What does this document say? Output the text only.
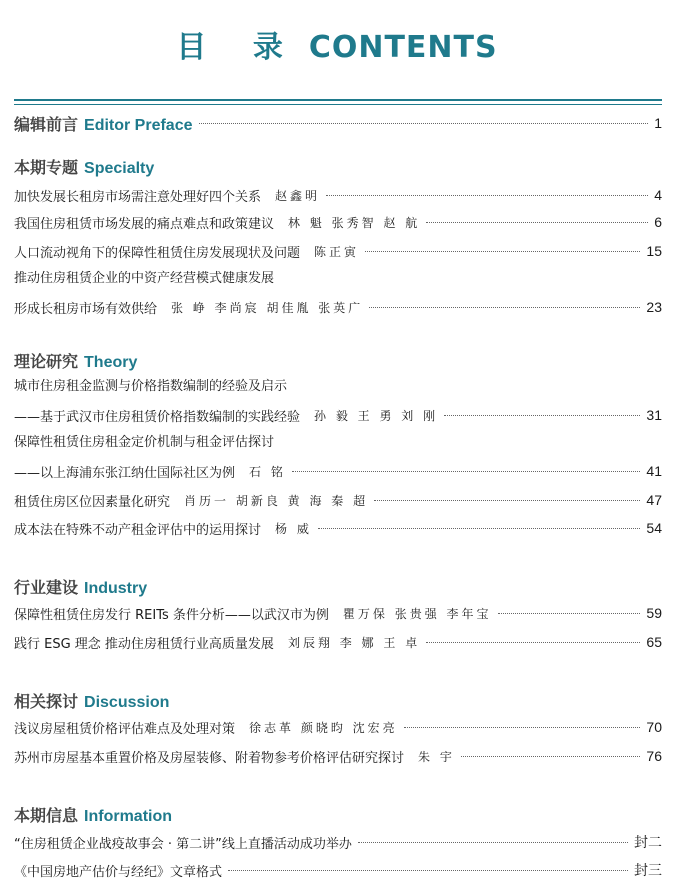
目 录 CONTENTS
编辑前言 Editor Preface	1
本期专题 Specialty
加快发展长租房市场需注意处理好四个关系 赵鑫明	4
我国住房租赁市场发展的痛点难点和政策建议 林 魁 张秀智 赵 航	6
人口流动视角下的保障性租赁住房发展现状及问题 陈正寅	15
推动住房租赁企业的中资产经营模式健康发展
形成长租房市场有效供给 张 峥 李尚宸 胡佳胤 张英广	23
理论研究 Theory
城市住房租金监测与价格指数编制的经验及启示
——基于武汉市住房租赁价格指数编制的实践经验 孙 毅 王 勇 刘 刚	31
保障性租赁住房租金定价机制与租金评估探讨
——以上海浦东张江纳仕国际社区为例 石 铭	41
租赁住房区位因素量化研究 肖历一 胡新良 黄 海 秦 超	47
成本法在特殊不动产租金评估中的运用探讨 杨 威	54
行业建设 Industry
保障性租赁住房发行 REITs 条件分析——以武汉市为例 瞿万保 张贵强 李年宝	59
践行 ESG 理念 推动住房租赁行业高质量发展 刘辰翔 李 娜 王 卓	65
相关探讨 Discussion
浅议房屋租赁价格评估难点及处理对策 徐志革 颜晓昀 沈宏亮	70
苏州市房屋基本重置价格及房屋装修、附着物参考价格评估研究探讨 朱 宇	76
本期信息 Information
“住房租赁企业战疫故事会 · 第二讲”线上直播活动成功举办	封二
《中国房地产估价与经纪》文章格式	封三
